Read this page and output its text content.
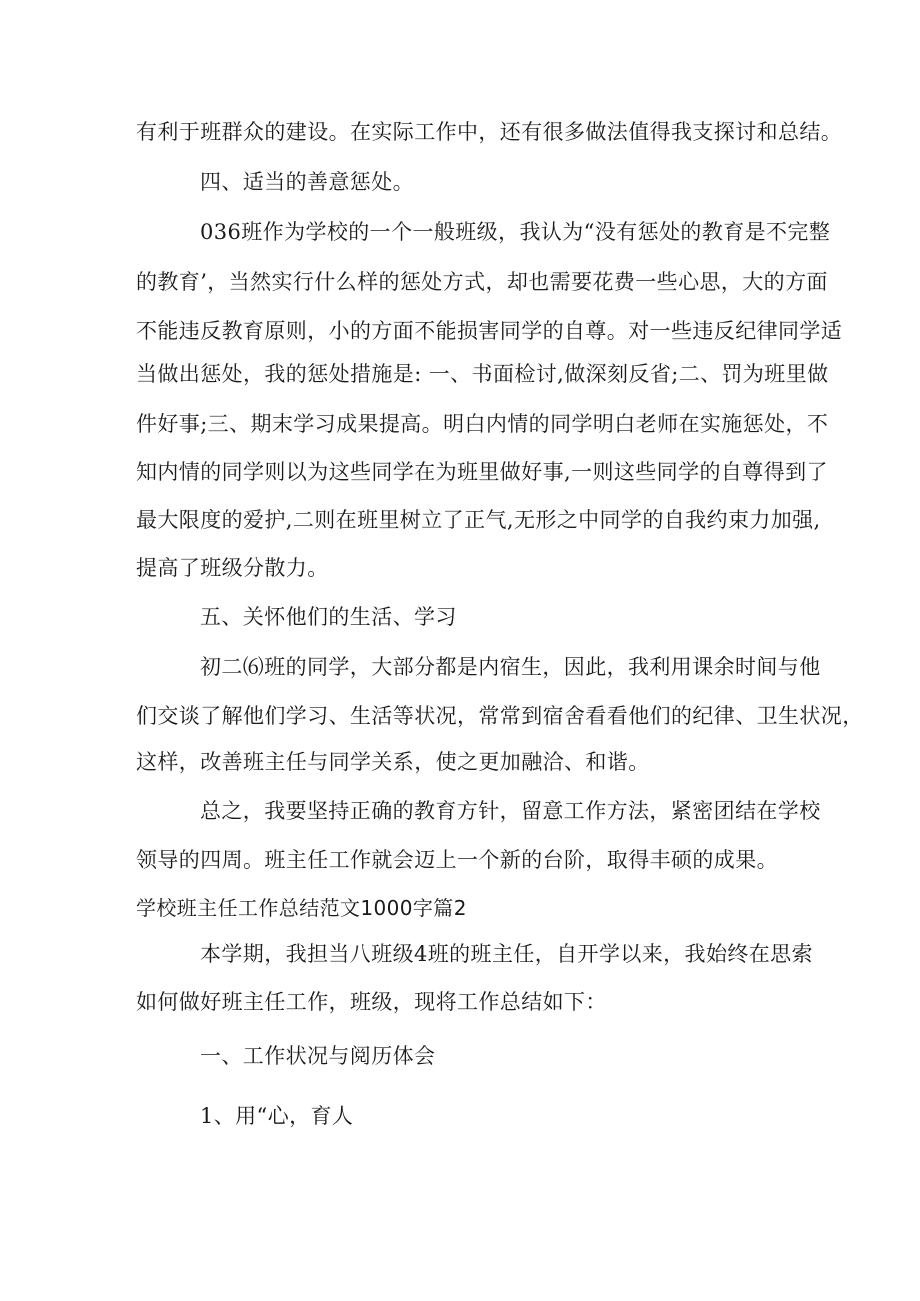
有利于班群众的建设。在实际工作中，还有很多做法值得我支探讨和总结。
四、适当的善意惩处。
036班作为学校的一个一般班级，我认为“没有惩处的教育是不完整
的教育’，当然实行什么样的惩处方式，却也需要花费一些心思，大的方面
不能违反教育原则，小的方面不能损害同学的自尊。对一些违反纪律同学适
当做出惩处，我的惩处措施是: 一、书面检讨,做深刻反省;二、罚为班里做
件好事;三、期末学习成果提高。明白内情的同学明白老师在实施惩处，不
知内情的同学则以为这些同学在为班里做好事,一则这些同学的自尊得到了
最大限度的爱护,二则在班里树立了正气,无形之中同学的自我约束力加强,
提高了班级分散力。
五、关怀他们的生活、学习
初二⑹班的同学，大部分都是内宿生，因此，我利用课余时间与他
们交谈了解他们学习、生活等状况，常常到宿舍看看他们的纪律、卫生状况，
这样，改善班主任与同学关系，使之更加融洽、和谐。
总之，我要坚持正确的教育方针，留意工作方法，紧密团结在学校
领导的四周。班主任工作就会迈上一个新的台阶，取得丰硕的成果。
学校班主任工作总结范文1000字篇2
本学期，我担当八班级4班的班主任，自开学以来，我始终在思索
如何做好班主任工作，班级，现将工作总结如下：
一、工作状况与阅历体会
1、用“心，育人
